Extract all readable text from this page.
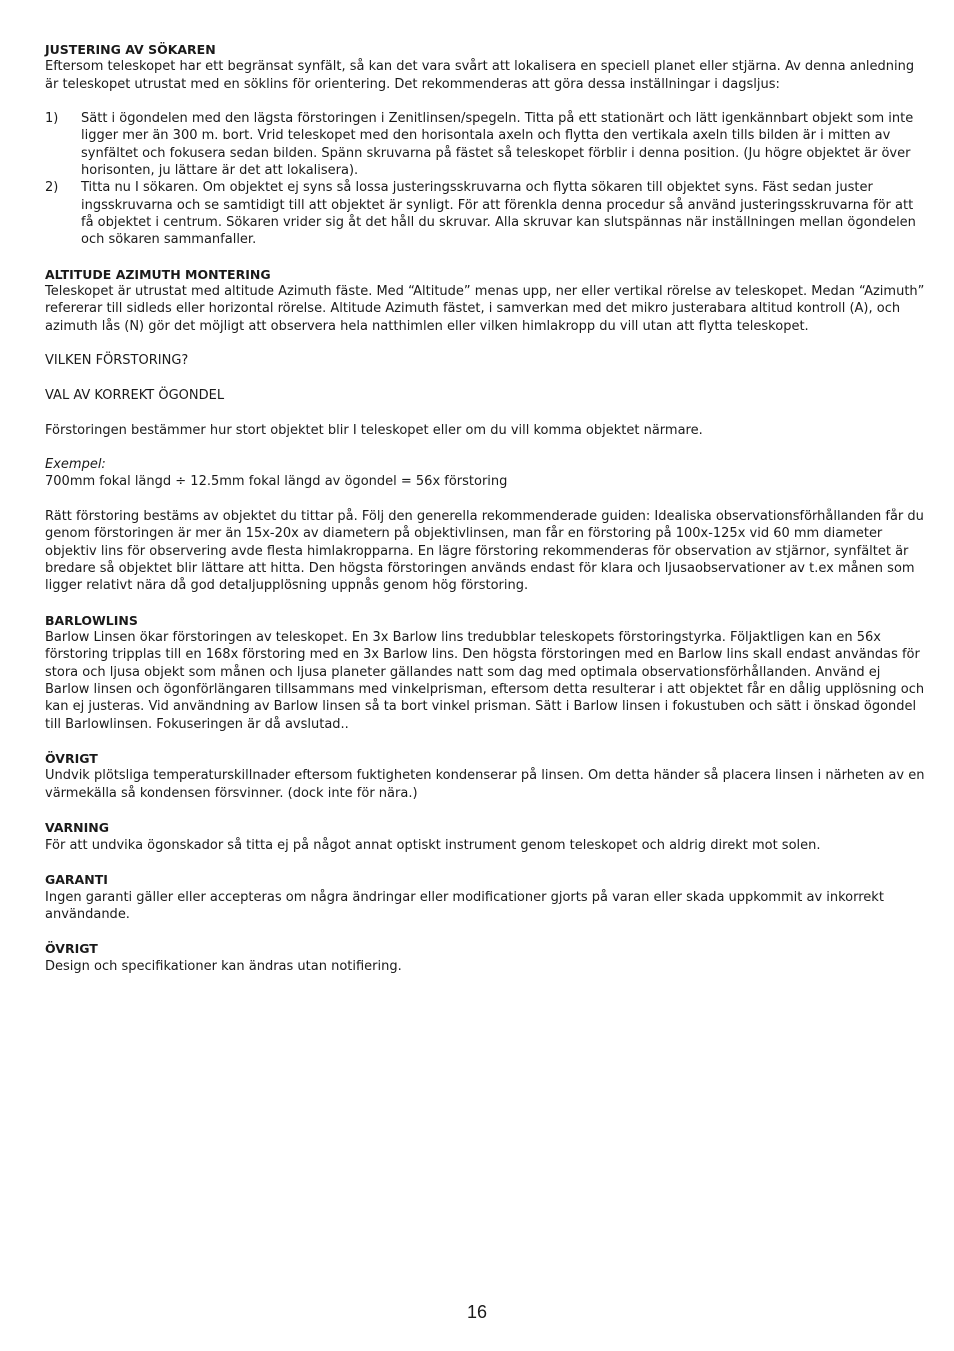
JUSTERING AV SÖKAREN

Eftersom teleskopet har ett begränsat synfält, så kan det vara svårt att lokalisera en speciell planet eller stjärna. Av denna anledning är teleskopet utrustat med en söklins för orientering. Det rekommenderas att göra dessa inställningar i dagsljus:

1)	Sätt i ögondelen med den lägsta förstoringen i Zenitlinsen/spegeln. Titta på ett stationärt och lätt igenkännbart objekt som inte ligger mer än 300 m. bort. Vrid teleskopet med den horisontala axeln och flytta den vertikala axeln tills bilden är i mitten av synfältet och fokusera sedan bilden. Spänn skruvarna på fästet så teleskopet förblir i denna position. (Ju högre objektet är över horisonten, ju lättare är det att lokalisera).
2)	Titta nu I sökaren. Om objektet ej syns så lossa justeringsskruvarna och flytta sökaren till objektet syns. Fäst sedan juster ingsskruvarna och se samtidigt till att objektet är synligt. För att förenkla denna procedur så använd justeringsskruvarna för att få objektet i centrum. Sökaren vrider sig åt det håll du skruvar. Alla skruvar kan slutspännas när inställningen mellan ögondelen och sökaren sammanfaller.
ALTITUDE AZIMUTH MONTERING

Teleskopet är utrustat med altitude Azimuth fäste. Med “Altitude” menas upp, ner eller vertikal rörelse av teleskopet. Medan “Azimuth” refererar till sidleds eller horizontal rörelse. Altitude Azimuth fästet, i samverkan med det mikro justerabara altitud kontroll (A), och azimuth lås (N) gör det möjligt att observera hela natthimlen eller vilken himlakropp du vill utan att flytta teleskopet.

VILKEN FÖRSTORING?

VAL AV KORREKT ÖGONDEL

Förstoringen bestämmer hur stort objektet blir I teleskopet eller om du vill komma objektet närmare.

Exempel:

700mm fokal längd ÷ 12.5mm fokal längd av ögondel = 56x förstoring

Rätt förstoring bestäms av objektet du tittar på. Följ den generella rekommenderade guiden: Idealiska observationsförhållanden får du genom förstoringen är mer än 15x-20x av diametern på objektivlinsen, man får en förstoring på 100x-125x vid 60 mm diameter objektiv lins för observering avde flesta himlakropparna. En lägre förstoring rekommenderas för observation av stjärnor, synfältet är bredare så objektet blir lättare att hitta. Den högsta förstoringen används endast för klara och ljusaobservationer av t.ex månen som ligger relativt nära då god detaljupplösning uppnås genom hög förstoring.

BARLOWLINS

Barlow Linsen ökar förstoringen av teleskopet. En 3x Barlow lins tredubblar teleskopets förstoringstyrka. Följaktligen kan en 56x förstoring tripplas till en 168x förstoring med en 3x Barlow lins. Den högsta förstoringen med en Barlow lins skall endast användas för stora och ljusa objekt som månen och ljusa planeter gällandes natt som dag med optimala observationsförhållanden. Använd ej Barlow linsen och ögonförlängaren tillsammans med vinkelprisman, eftersom detta resulterar i att objektet får en dålig upplösning och kan ej justeras. Vid användning av Barlow linsen så ta bort vinkel prisman. Sätt i Barlow linsen i fokustuben och sätt i önskad ögondel till Barlowlinsen. Fokuseringen är då avslutad..

ÖVRIGT

Undvik plötsliga temperaturskillnader eftersom fuktigheten kondenserar på linsen. Om detta händer så placera linsen i närheten av en värmekälla så kondensen försvinner. (dock inte för nära.)

VARNING

För att undvika ögonskador så titta ej på något annat optiskt instrument genom teleskopet och aldrig direkt mot solen.

GARANTI

Ingen garanti gäller eller accepteras om några ändringar eller modificationer gjorts på varan eller skada uppkommit av inkorrekt användande.

ÖVRIGT

Design och specifikationer kan ändras utan notifiering.

16
